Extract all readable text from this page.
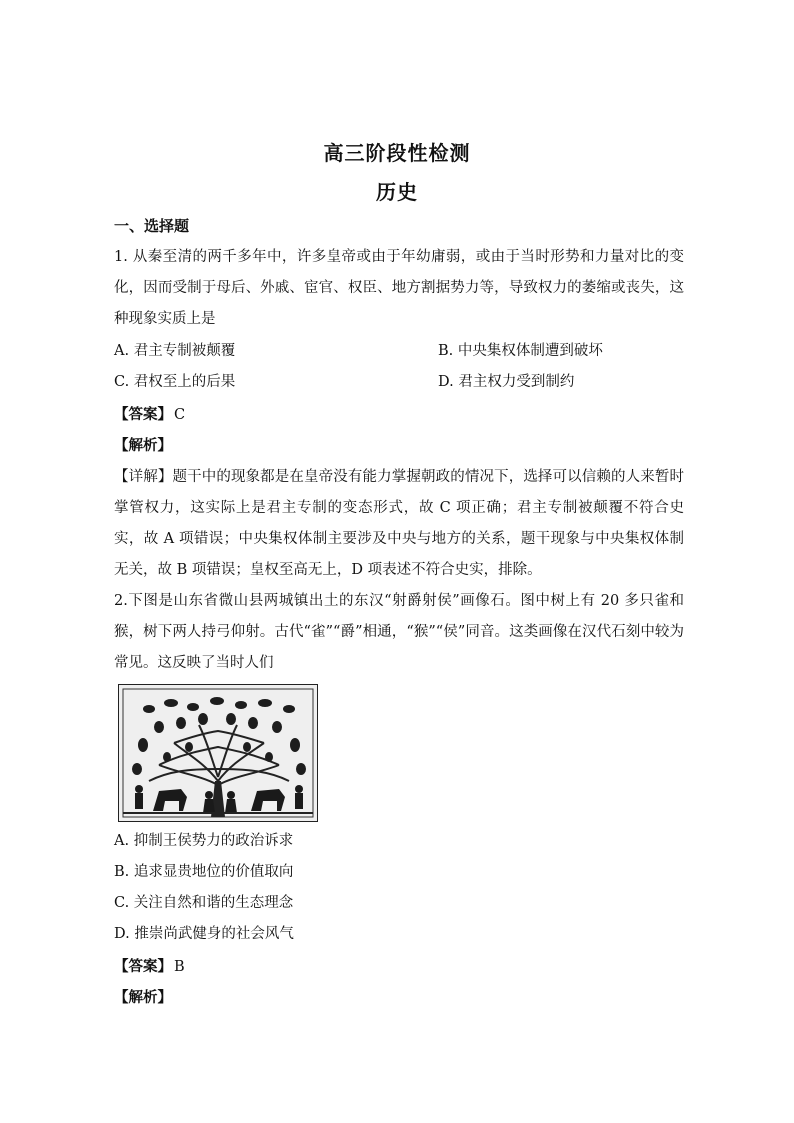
高三阶段性检测
历史
一、选择题
1. 从秦至清的两千多年中，许多皇帝或由于年幼庸弱，或由于当时形势和力量对比的变化，因而受制于母后、外戚、宦官、权臣、地方割据势力等，导致权力的萎缩或丧失，这种现象实质上是
A. 君主专制被颠覆	B. 中央集权体制遭到破坏
C. 君权至上的后果	D. 君主权力受到制约
【答案】 C
【解析】
【详解】题干中的现象都是在皇帝没有能力掌握朝政的情况下，选择可以信赖的人来暂时掌管权力，这实际上是君主专制的变态形式，故 C 项正确；君主专制被颠覆不符合史实，故 A 项错误；中央集权体制主要涉及中央与地方的关系，题干现象与中央集权体制无关，故 B 项错误；皇权至高无上，D 项表述不符合史实，排除。
2.下图是山东省微山县两城镇出土的东汉“射爵射侯”画像石。图中树上有 20 多只雀和猴，树下两人持弓仰射。古代“雀”“爵”相通，“猴”“侯”同音。这类画像在汉代石刻中较为常见。这反映了当时人们
A. 抑制王侯势力的政治诉求
B. 追求显贵地位的价值取向
C. 关注自然和谐的生态理念
D. 推崇尚武健身的社会风气
【答案】 B
【解析】
